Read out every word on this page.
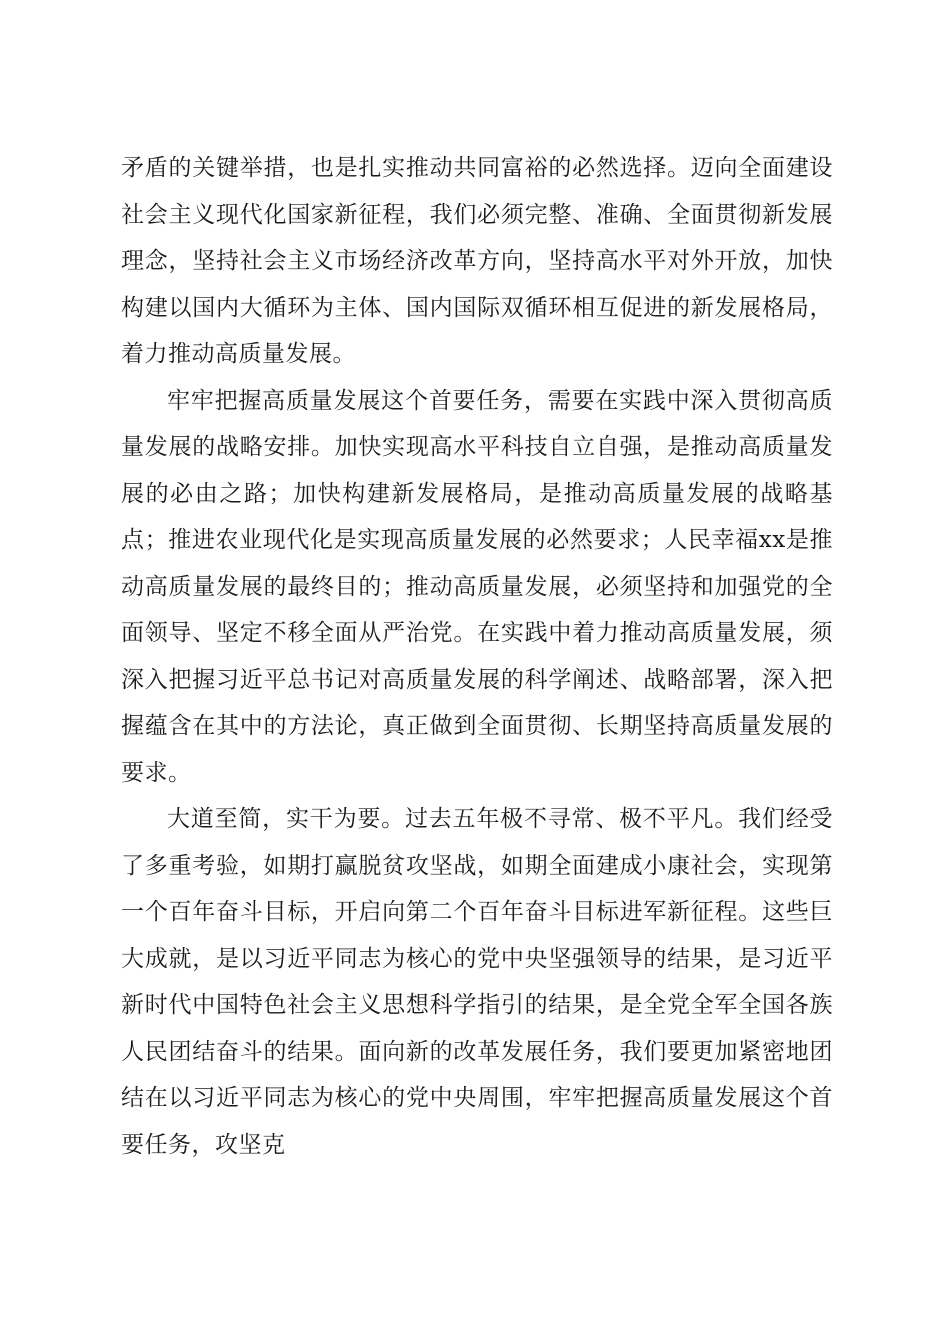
矛盾的关键举措，也是扎实推动共同富裕的必然选择。迈向全面建设社会主义现代化国家新征程，我们必须完整、准确、全面贯彻新发展理念，坚持社会主义市场经济改革方向，坚持高水平对外开放，加快构建以国内大循环为主体、国内国际双循环相互促进的新发展格局，着力推动高质量发展。

牢牢把握高质量发展这个首要任务，需要在实践中深入贯彻高质量发展的战略安排。加快实现高水平科技自立自强，是推动高质量发展的必由之路；加快构建新发展格局，是推动高质量发展的战略基点；推进农业现代化是实现高质量发展的必然要求；人民幸福xx是推动高质量发展的最终目的；推动高质量发展，必须坚持和加强党的全面领导、坚定不移全面从严治党。在实践中着力推动高质量发展，须深入把握习近平总书记对高质量发展的科学阐述、战略部署，深入把握蕴含在其中的方法论，真正做到全面贯彻、长期坚持高质量发展的要求。

大道至简，实干为要。过去五年极不寻常、极不平凡。我们经受了多重考验，如期打赢脱贫攻坚战，如期全面建成小康社会，实现第一个百年奋斗目标，开启向第二个百年奋斗目标进军新征程。这些巨大成就，是以习近平同志为核心的党中央坚强领导的结果，是习近平新时代中国特色社会主义思想科学指引的结果，是全党全军全国各族人民团结奋斗的结果。面向新的改革发展任务，我们要更加紧密地团结在以习近平同志为核心的党中央周围，牢牢把握高质量发展这个首要任务，攻坚克
